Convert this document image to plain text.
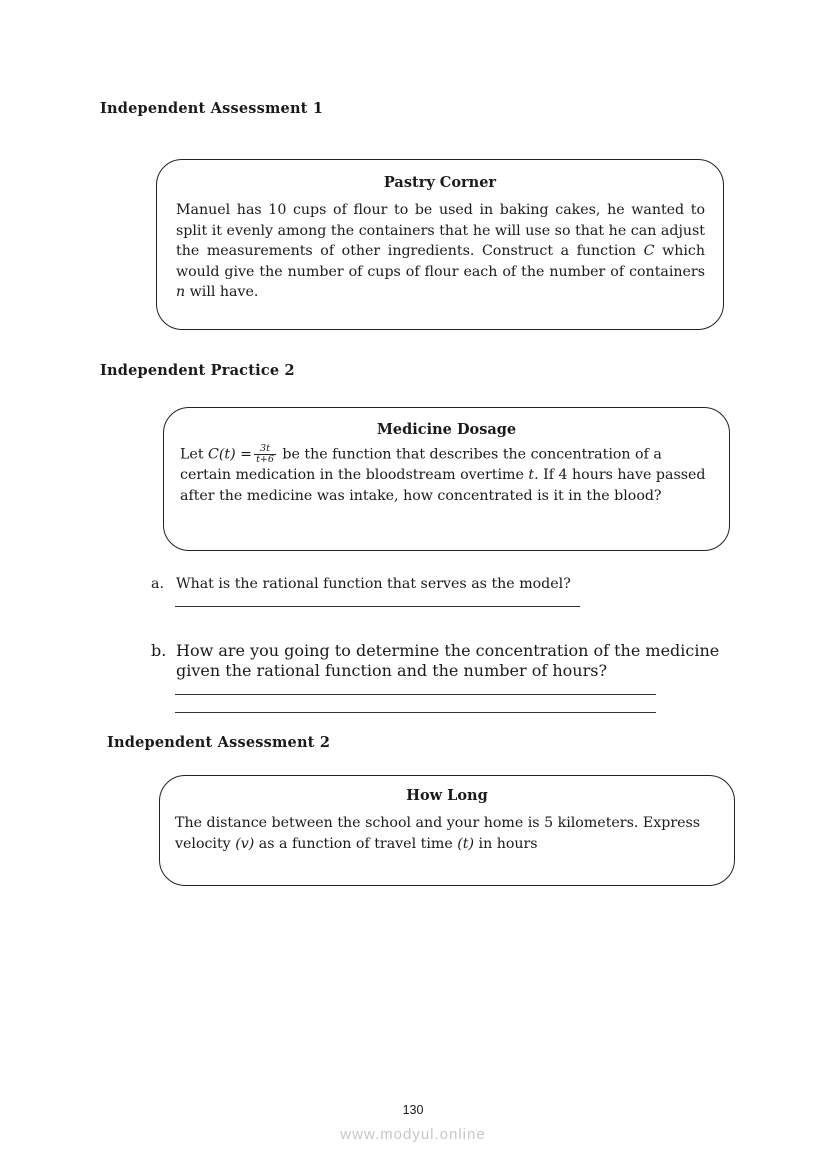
Independent Assessment 1
Pastry Corner
Manuel has 10 cups of flour to be used in baking cakes, he wanted to split it evenly among the containers that he will use so that he can adjust the measurements of other ingredients. Construct a function C which would give the number of cups of flour each of the number of containers n will have.
Independent Practice 2
Medicine Dosage
Let $C(t) = \frac{3t}{t+6}$ be the function that describes the concentration of a certain medication in the bloodstream overtime t. If 4 hours have passed after the medicine was intake, how concentrated is it in the blood?
a. What is the rational function that serves as the model?
b. How are you going to determine the concentration of the medicine given the rational function and the number of hours?
Independent Assessment 2
How Long
The distance between the school and your home is 5 kilometers. Express velocity (v) as a function of travel time (t) in hours
130
www.modyul.online
